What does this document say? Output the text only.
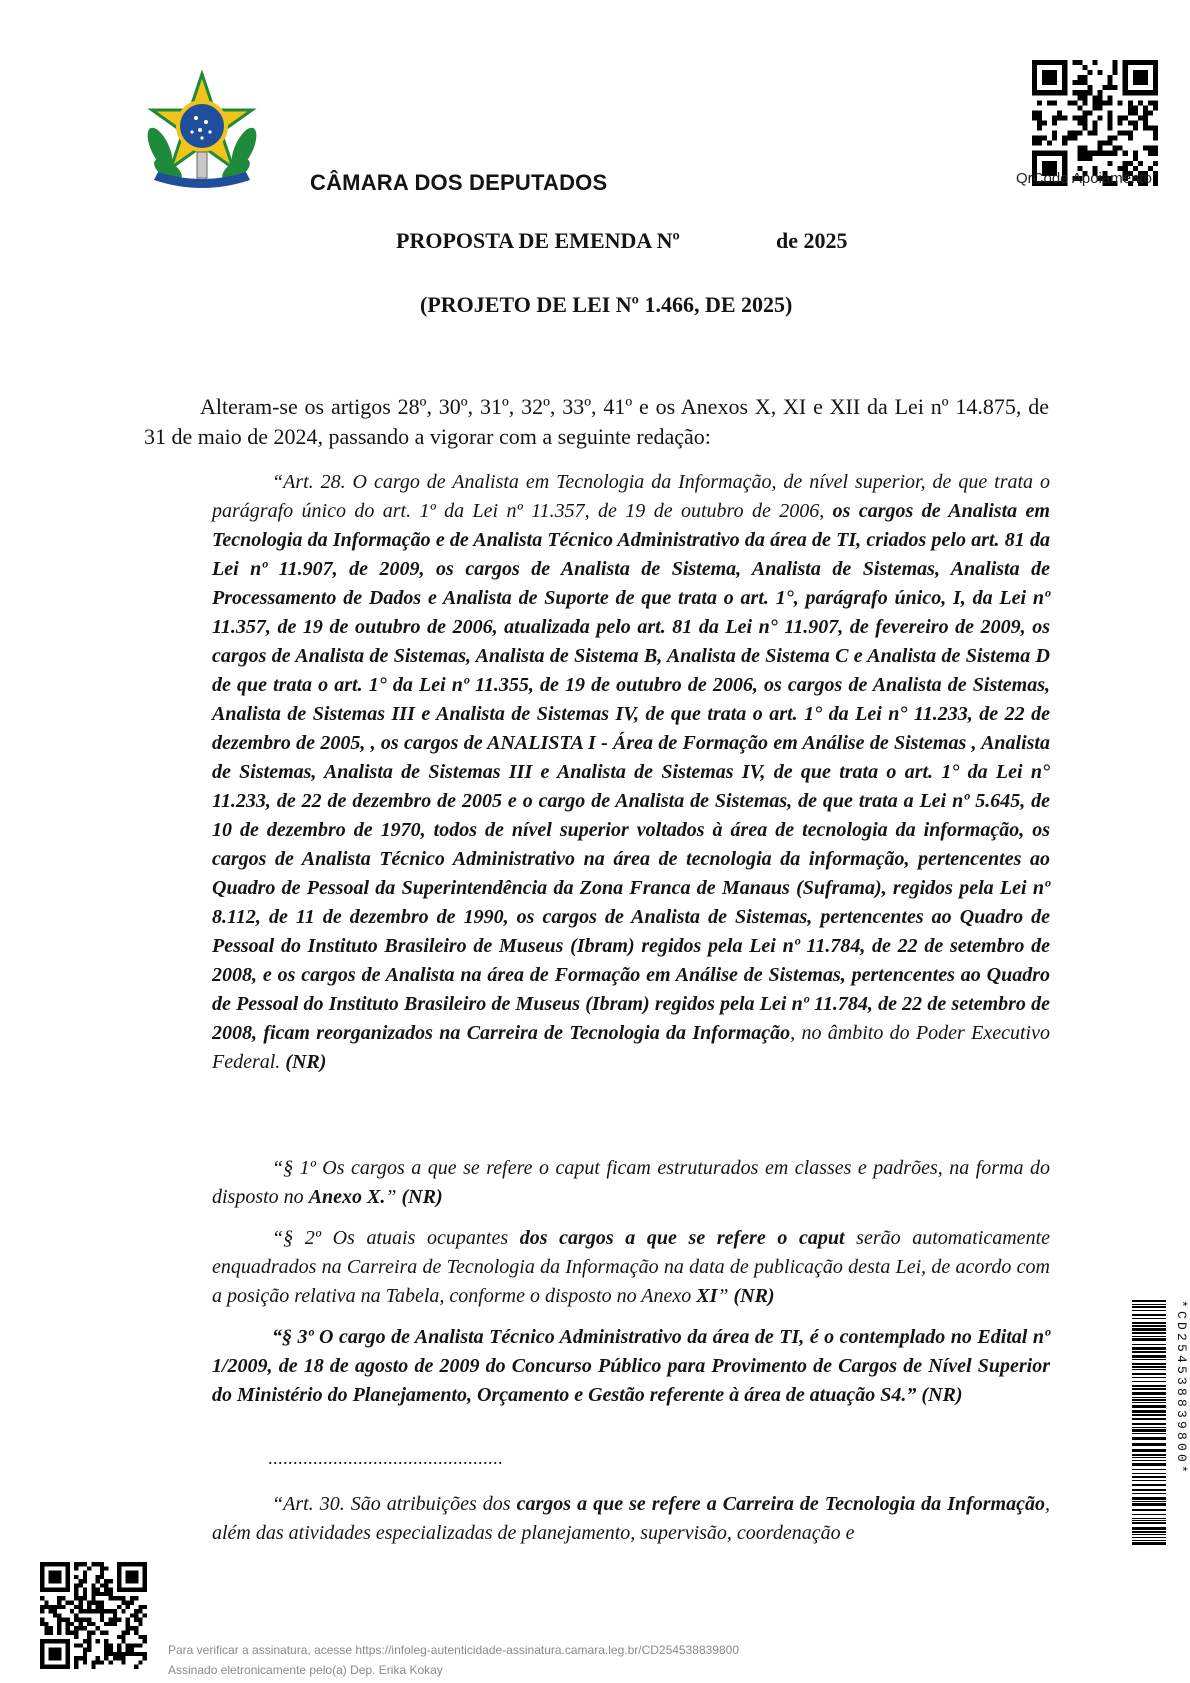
CÂMARA DOS DEPUTADOS	QrCode Apoiamento
PROPOSTA DE EMENDA Nº	de 2025
(PROJETO DE LEI Nº 1.466, DE 2025)
Alteram-se os artigos 28º, 30º, 31º, 32º, 33º, 41º e os Anexos X, XI e XII da Lei nº 14.875, de 31 de maio de 2024, passando a vigorar com a seguinte redação:
“Art. 28. O cargo de Analista em Tecnologia da Informação, de nível superior, de que trata o parágrafo único do art. 1º da Lei nº 11.357, de 19 de outubro de 2006, os cargos de Analista em Tecnologia da Informação e de Analista Técnico Administrativo da área de TI, criados pelo art. 81 da Lei nº 11.907, de 2009, os cargos de Analista de Sistema, Analista de Sistemas, Analista de Processamento de Dados e Analista de Suporte de que trata o art. 1°, parágrafo único, I, da Lei nº 11.357, de 19 de outubro de 2006, atualizada pelo art. 81 da Lei n° 11.907, de fevereiro de 2009, os cargos de Analista de Sistemas, Analista de Sistema B, Analista de Sistema C e Analista de Sistema D de que trata o art. 1° da Lei nº 11.355, de 19 de outubro de 2006, os cargos de Analista de Sistemas, Analista de Sistemas III e Analista de Sistemas IV, de que trata o art. 1° da Lei n° 11.233, de 22 de dezembro de 2005, , os cargos de ANALISTA I - Área de Formação em Análise de Sistemas , Analista de Sistemas, Analista de Sistemas III e Analista de Sistemas IV, de que trata o art. 1° da Lei n° 11.233, de 22 de dezembro de 2005 e o cargo de Analista de Sistemas, de que trata a Lei nº 5.645, de 10 de dezembro de 1970, todos de nível superior voltados à área de tecnologia da informação, os cargos de Analista Técnico Administrativo na área de tecnologia da informação, pertencentes ao Quadro de Pessoal da Superintendência da Zona Franca de Manaus (Suframa), regidos pela Lei nº 8.112, de 11 de dezembro de 1990, os cargos de Analista de Sistemas, pertencentes ao Quadro de Pessoal do Instituto Brasileiro de Museus (Ibram) regidos pela Lei nº 11.784, de 22 de setembro de 2008, e os cargos de Analista na área de Formação em Análise de Sistemas, pertencentes ao Quadro de Pessoal do Instituto Brasileiro de Museus (Ibram) regidos pela Lei nº 11.784, de 22 de setembro de 2008, ficam reorganizados na Carreira de Tecnologia da Informação, no âmbito do Poder Executivo Federal. (NR)
“§ 1º Os cargos a que se refere o caput ficam estruturados em classes e padrões, na forma do disposto no Anexo X.” (NR)
“§ 2º Os atuais ocupantes dos cargos a que se refere o caput serão automaticamente enquadrados na Carreira de Tecnologia da Informação na data de publicação desta Lei, de acordo com a posição relativa na Tabela, conforme o disposto no Anexo XI” (NR)
“§ 3º O cargo de Analista Técnico Administrativo da área de TI, é o contemplado no Edital nº 1/2009, de 18 de agosto de 2009 do Concurso Público para Provimento de Cargos de Nível Superior do Ministério do Planejamento, Orçamento e Gestão referente à área de atuação S4.” (NR)
...............................................
“Art. 30. São atribuições dos cargos a que se refere a Carreira de Tecnologia da Informação, além das atividades especializadas de planejamento, supervisão, coordenação e
*CD254538839800*
Para verificar a assinatura, acesse https://infoleg-autenticidade-assinatura.camara.leg.br/CD254538839800
Assinado eletronicamente pelo(a) Dep. Erika Kokay
